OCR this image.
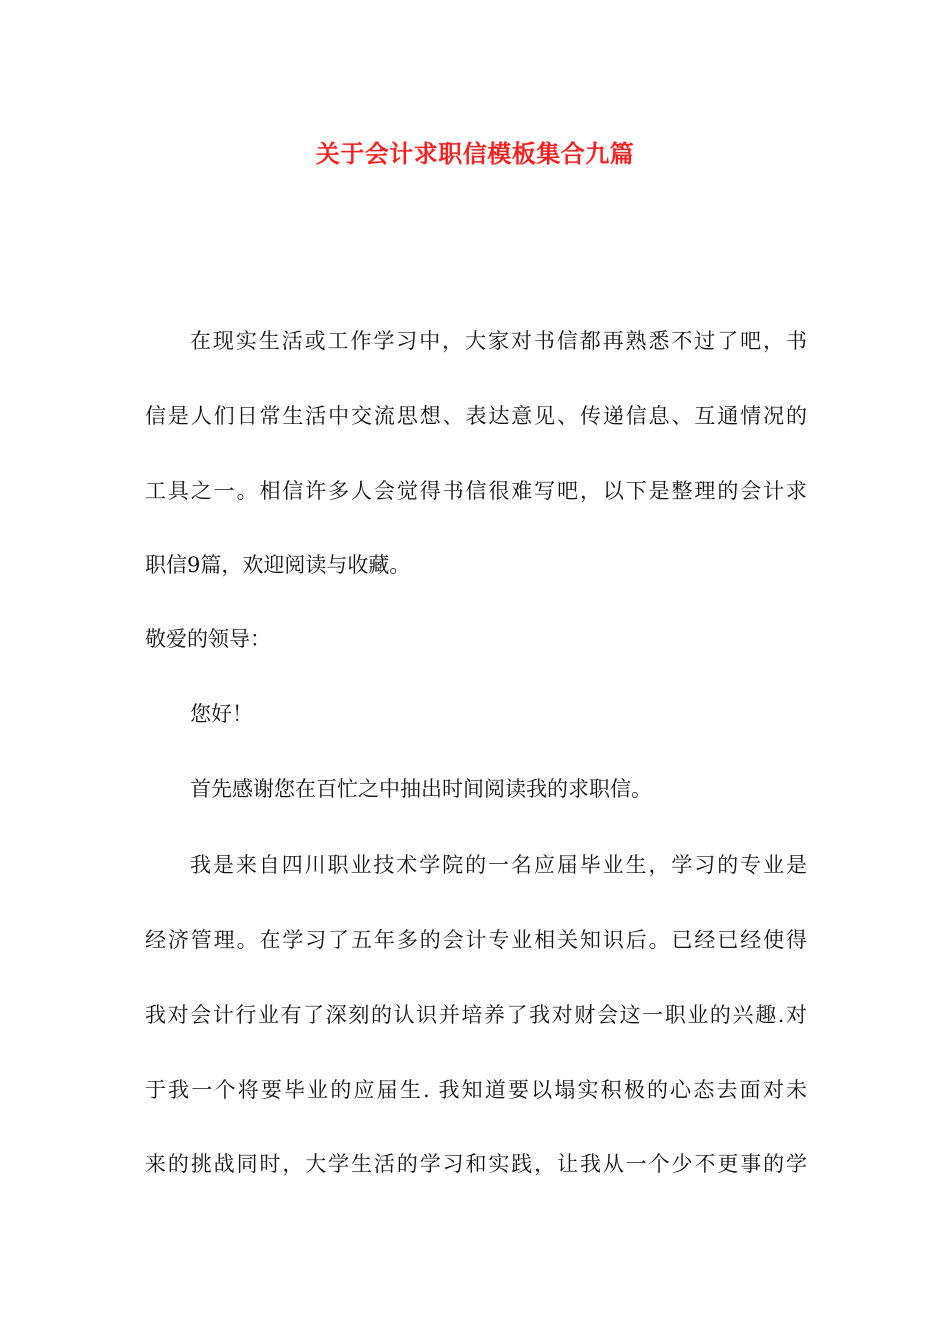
关于会计求职信模板集合九篇
在现实生活或工作学习中，大家对书信都再熟悉不过了吧，书
信是人们日常生活中交流思想、表达意见、传递信息、互通情况的
工具之一。相信许多人会觉得书信很难写吧，以下是整理的会计求
职信9篇，欢迎阅读与收藏。
敬爱的领导：
您好！
首先感谢您在百忙之中抽出时间阅读我的求职信。
我是来自四川职业技术学院的一名应届毕业生，学习的专业是
经济管理。在学习了五年多的会计专业相关知识后。已经已经使得
我对会计行业有了深刻的认识并培养了我对财会这一职业的兴趣.对
于我一个将要毕业的应届生. 我知道要以塌实积极的心态去面对未
来的挑战同时，大学生活的学习和实践，让我从一个少不更事的学
